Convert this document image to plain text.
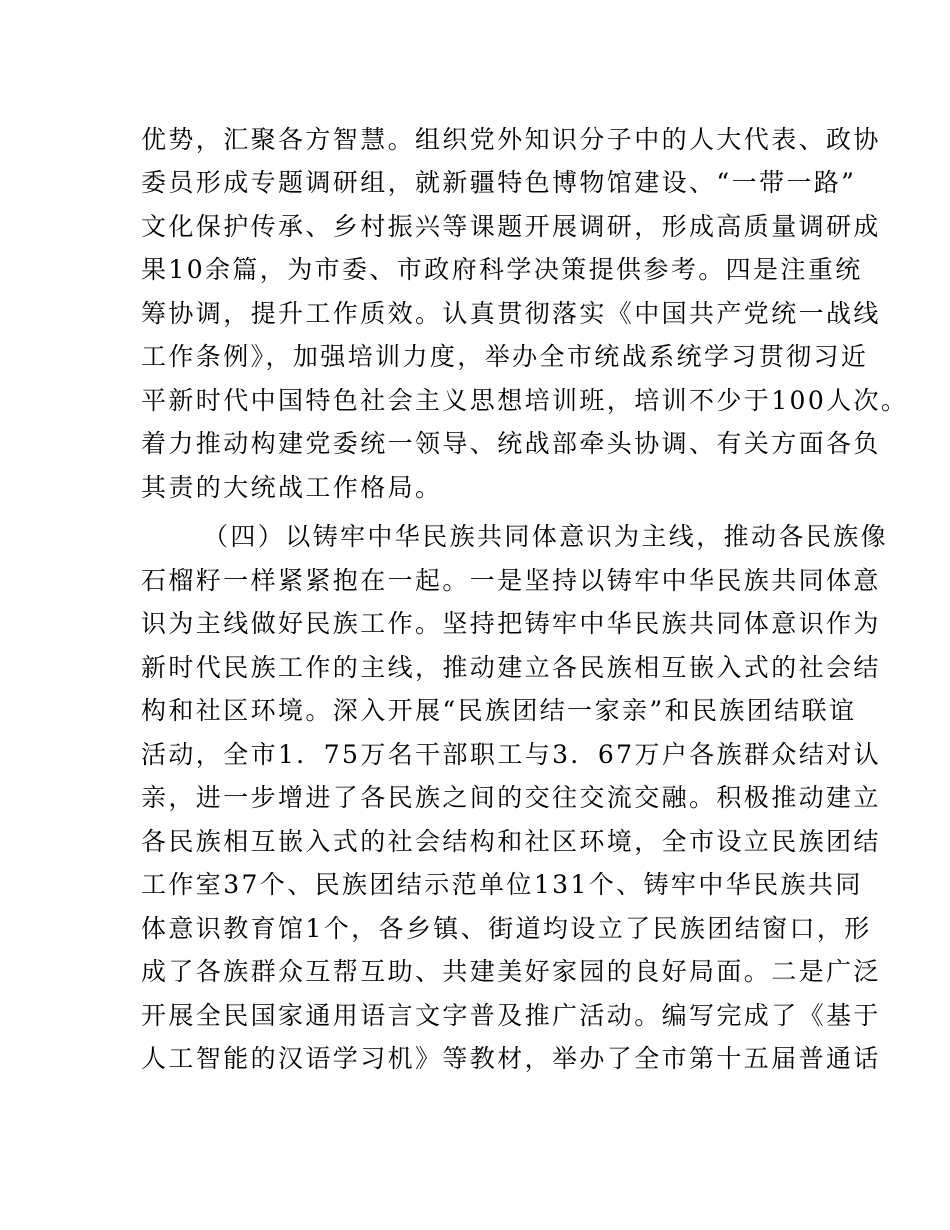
优势，汇聚各方智慧。组织党外知识分子中的人大代表、政协
委员形成专题调研组，就新疆特色博物馆建设、“一带一路”
文化保护传承、乡村振兴等课题开展调研，形成高质量调研成
果10余篇，为市委、市政府科学决策提供参考。四是注重统
筹协调，提升工作质效。认真贯彻落实《中国共产党统一战线
工作条例》，加强培训力度，举办全市统战系统学习贯彻习近
平新时代中国特色社会主义思想培训班，培训不少于100人次。
着力推动构建党委统一领导、统战部牵头协调、有关方面各负
其责的大统战工作格局。
（四）以铸牢中华民族共同体意识为主线，推动各民族像
石榴籽一样紧紧抱在一起。一是坚持以铸牢中华民族共同体意
识为主线做好民族工作。坚持把铸牢中华民族共同体意识作为
新时代民族工作的主线，推动建立各民族相互嵌入式的社会结
构和社区环境。深入开展“民族团结一家亲”和民族团结联谊
活动，全市1．75万名干部职工与3．67万户各族群众结对认
亲，进一步增进了各民族之间的交往交流交融。积极推动建立
各民族相互嵌入式的社会结构和社区环境，全市设立民族团结
工作室37个、民族团结示范单位131个、铸牢中华民族共同
体意识教育馆1个，各乡镇、街道均设立了民族团结窗口，形
成了各族群众互帮互助、共建美好家园的良好局面。二是广泛
开展全民国家通用语言文字普及推广活动。编写完成了《基于
人工智能的汉语学习机》等教材，举办了全市第十五届普通话
